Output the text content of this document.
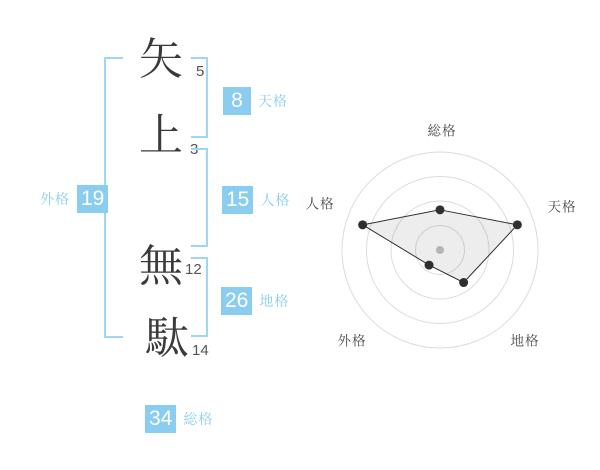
矢
上
無
駄
5
3
12
14
8	天格
15 人格
26 地格
外格 19
34 総格
総格
天格
地格
外格
人格
